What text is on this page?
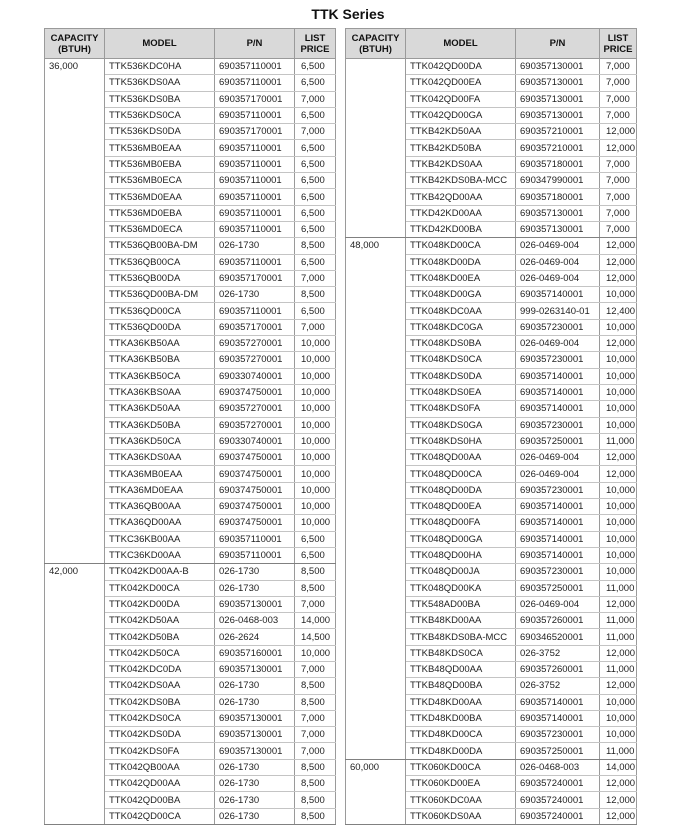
TTK Series
CAPACITY
(BTUH)	MODEL	P/N	LIST
PRICE
36,000	TTK536KDC0HA	690357110001	6,500
	TTK536KDS0AA	690357110001	6,500
	TTK536KDS0BA	690357170001	7,000
	TTK536KDS0CA	690357110001	6,500
	TTK536KDS0DA	690357170001	7,000
	TTK536MB0EAA	690357110001	6,500
	TTK536MB0EBA	690357110001	6,500
	TTK536MB0ECA	690357110001	6,500
	TTK536MD0EAA	690357110001	6,500
	TTK536MD0EBA	690357110001	6,500
	TTK536MD0ECA	690357110001	6,500
	TTK536QB00BA-DM	026-1730	8,500
	TTK536QB00CA	690357110001	6,500
	TTK536QB00DA	690357170001	7,000
	TTK536QD00BA-DM	026-1730	8,500
	TTK536QD00CA	690357110001	6,500
	TTK536QD00DA	690357170001	7,000
	TTKA36KB50AA	690357270001	10,000
	TTKA36KB50BA	690357270001	10,000
	TTKA36KB50CA	690330740001	10,000
	TTKA36KBS0AA	690374750001	10,000
	TTKA36KD50AA	690357270001	10,000
	TTKA36KD50BA	690357270001	10,000
	TTKA36KD50CA	690330740001	10,000
	TTKA36KDS0AA	690374750001	10,000
	TTKA36MB0EAA	690374750001	10,000
	TTKA36MD0EAA	690374750001	10,000
	TTKA36QB00AA	690374750001	10,000
	TTKA36QD00AA	690374750001	10,000
	TTKC36KB00AA	690357110001	6,500
	TTKC36KD00AA	690357110001	6,500
42,000	TTK042KD00AA-B	026-1730	8,500
	TTK042KD00CA	026-1730	8,500
	TTK042KD00DA	690357130001	7,000
	TTK042KD50AA	026-0468-003	14,000
	TTK042KD50BA	026-2624	14,500
	TTK042KD50CA	690357160001	10,000
	TTK042KDC0DA	690357130001	7,000
	TTK042KDS0AA	026-1730	8,500
	TTK042KDS0BA	026-1730	8,500
	TTK042KDS0CA	690357130001	7,000
	TTK042KDS0DA	690357130001	7,000
	TTK042KDS0FA	690357130001	7,000
	TTK042QB00AA	026-1730	8,500
	TTK042QD00AA	026-1730	8,500
	TTK042QD00BA	026-1730	8,500
	TTK042QD00CA	026-1730	8,500
CAPACITY
(BTUH)	MODEL	P/N	LIST
PRICE
	TTK042QD00DA	690357130001	7,000
	TTK042QD00EA	690357130001	7,000
	TTK042QD00FA	690357130001	7,000
	TTK042QD00GA	690357130001	7,000
	TTKB42KD50AA	690357210001	12,000
	TTKB42KD50BA	690357210001	12,000
	TTKB42KDS0AA	690357180001	7,000
	TTKB42KDS0BA-MCC	690347990001	7,000
	TTKB42QD00AA	690357180001	7,000
	TTKD42KD00AA	690357130001	7,000
	TTKD42KD00BA	690357130001	7,000
48,000	TTK048KD00CA	026-0469-004	12,000
	TTK048KD00DA	026-0469-004	12,000
	TTK048KD00EA	026-0469-004	12,000
	TTK048KD00GA	690357140001	10,000
	TTK048KDC0AA	999-0263140-01	12,400
	TTK048KDC0GA	690357230001	10,000
	TTK048KDS0BA	026-0469-004	12,000
	TTK048KDS0CA	690357230001	10,000
	TTK048KDS0DA	690357140001	10,000
	TTK048KDS0EA	690357140001	10,000
	TTK048KDS0FA	690357140001	10,000
	TTK048KDS0GA	690357230001	10,000
	TTK048KDS0HA	690357250001	11,000
	TTK048QD00AA	026-0469-004	12,000
	TTK048QD00CA	026-0469-004	12,000
	TTK048QD00DA	690357230001	10,000
	TTK048QD00EA	690357140001	10,000
	TTK048QD00FA	690357140001	10,000
	TTK048QD00GA	690357140001	10,000
	TTK048QD00HA	690357140001	10,000
	TTK048QD00JA	690357230001	10,000
	TTK048QD00KA	690357250001	11,000
	TTK548AD00BA	026-0469-004	12,000
	TTKB48KD00AA	690357260001	11,000
	TTKB48KDS0BA-MCC	690346520001	11,000
	TTKB48KDS0CA	026-3752	12,000
	TTKB48QD00AA	690357260001	11,000
	TTKB48QD00BA	026-3752	12,000
	TTKD48KD00AA	690357140001	10,000
	TTKD48KD00BA	690357140001	10,000
	TTKD48KD00CA	690357230001	10,000
	TTKD48KD00DA	690357250001	11,000
60,000	TTK060KD00CA	026-0468-003	14,000
	TTK060KD00EA	690357240001	12,000
	TTK060KDC0AA	690357240001	12,000
	TTK060KDS0AA	690357240001	12,000
